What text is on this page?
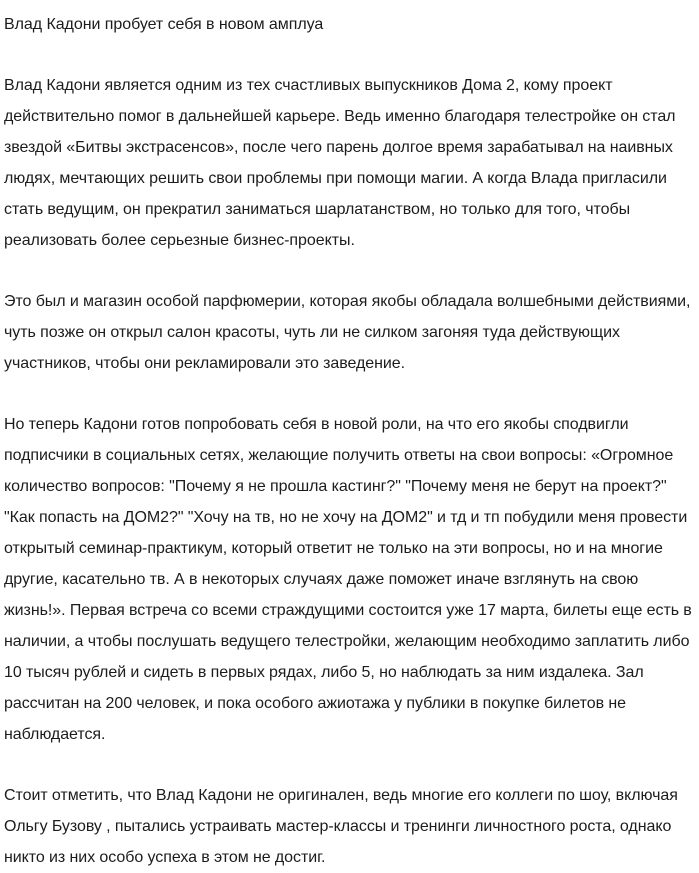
Влад Кадони пробует себя в новом амплуа

Влад Кадони является одним из тех счастливых выпускников Дома 2, кому проект действительно помог в дальнейшей карьере. Ведь именно благодаря телестройке он стал звездой «Битвы экстрасенсов», после чего парень долгое время зарабатывал на наивных людях, мечтающих решить свои проблемы при помощи магии. А когда Влада пригласили стать ведущим, он прекратил заниматься шарлатанством, но только для того, чтобы реализовать более серьезные бизнес-проекты.

Это был и магазин особой парфюмерии, которая якобы обладала волшебными действиями, чуть позже он открыл салон красоты, чуть ли не силком загоняя туда действующих участников, чтобы они рекламировали это заведение.

Но теперь Кадони готов попробовать себя в новой роли, на что его якобы сподвигли подписчики в социальных сетях, желающие получить ответы на свои вопросы: «Огромное количество вопросов: "Почему я не прошла кастинг?" "Почему меня не берут на проект?" "Как попасть на ДОМ2?" "Хочу на тв, но не хочу на ДОМ2" и тд и тп побудили меня провести открытый семинар-практикум, который ответит не только на эти вопросы, но и на многие другие, касательно тв. А в некоторых случаях даже поможет иначе взглянуть на свою жизнь!». Первая встреча со всеми страждущими состоится уже 17 марта, билеты еще есть в наличии, а чтобы послушать ведущего телестройки, желающим необходимо заплатить либо 10 тысяч рублей и сидеть в первых рядах, либо 5, но наблюдать за ним издалека. Зал рассчитан на 200 человек, и пока особого ажиотажа у публики в покупке билетов не наблюдается.

Стоит отметить, что Влад Кадони не оригинален, ведь многие его коллеги по шоу, включая Ольгу Бузову , пытались устраивать мастер-классы и тренинги личностного роста, однако никто из них особо успеха в этом не достиг.
